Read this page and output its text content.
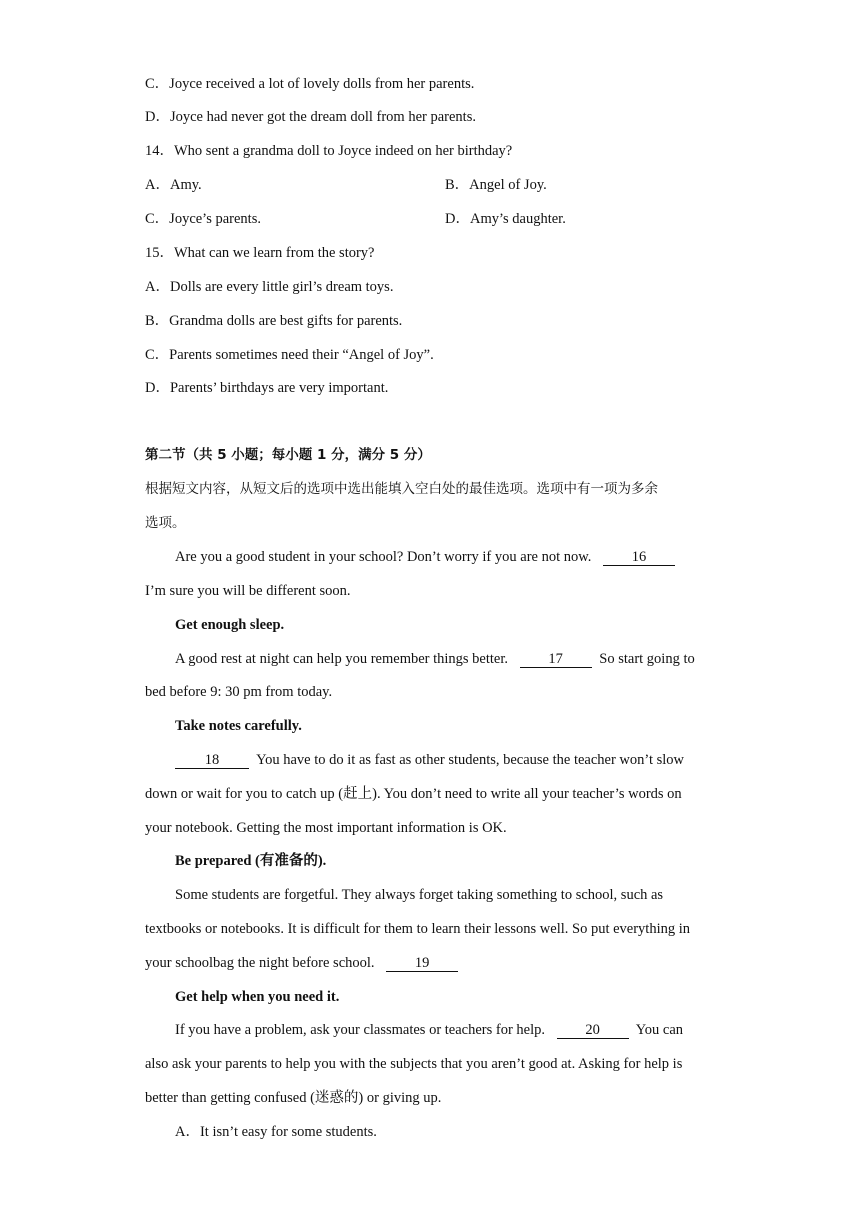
C．Joyce received a lot of lovely dolls from her parents.
D．Joyce had never got the dream doll from her parents.
14．Who sent a grandma doll to Joyce indeed on her birthday?
A．Amy.	B．Angel of Joy.
C．Joyce’s parents.	D．Amy’s daughter.
15．What can we learn from the story?
A．Dolls are every little girl’s dream toys.
B．Grandma dolls are best gifts for parents.
C．Parents sometimes need their “Angel of Joy”.
D．Parents’ birthdays are very important.
第二节（共 5 小题；每小题 1 分，满分 5 分）
根据短文内容，从短文后的选项中选出能填入空白处的最佳选项。选项中有一项为多余
选项。
Are you a good student in your school? Don’t worry if you are not now.	16
I’m sure you will be different soon.
Get enough sleep.
A good rest at night can help you remember things better.	17	So start going to
bed before 9: 30 pm from today.
Take notes carefully.
18	You have to do it as fast as other students, because the teacher won’t slow
down or wait for you to catch up (赶上). You don’t need to write all your teacher’s words on
your notebook. Getting the most important information is OK.
Be prepared (有准备的).
Some students are forgetful. They always forget taking something to school, such as
textbooks or notebooks. It is difficult for them to learn their lessons well. So put everything in
your schoolbag the night before school.	19
Get help when you need it.
If you have a problem, ask your classmates or teachers for help.	20 You can
also ask your parents to help you with the subjects that you aren’t good at. Asking for help is
better than getting confused (迷惑的) or giving up.
A．It isn’t easy for some students.
